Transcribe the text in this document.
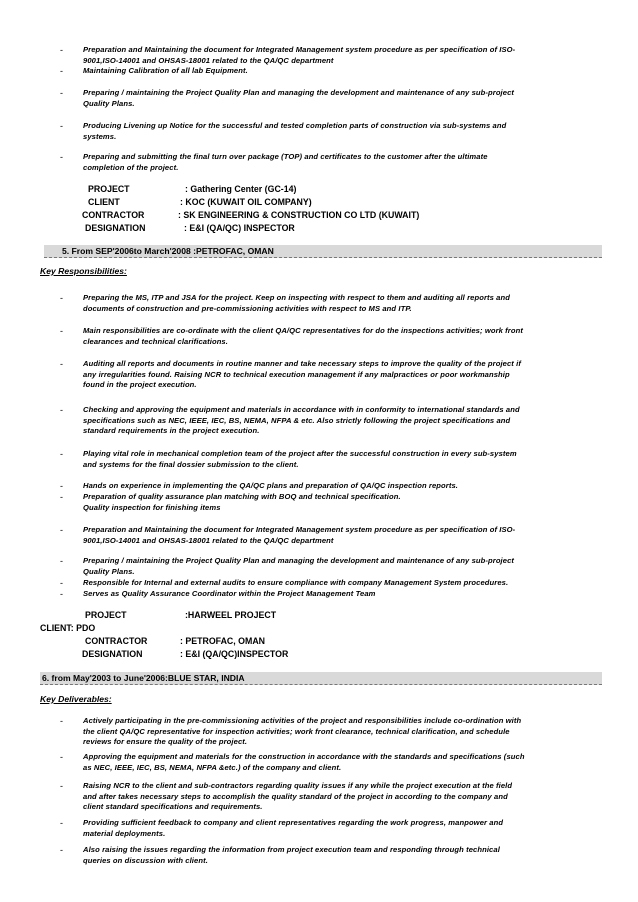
-	Preparation and Maintaining the document for Integrated Management system procedure as per specification of ISO-
9001,ISO-14001 and OHSAS-18001 related to the QA/QC department
-	Maintaining Calibration of all lab Equipment.
-	Preparing / maintaining the Project Quality Plan and managing the development and maintenance of any sub-project
Quality Plans.
-	Producing Livening up Notice for the successful and tested completion parts of construction via sub-systems and
systems.
-	Preparing and submitting the final turn over package (TOP) and certificates to the customer after the ultimate
completion of the project.
PROJECT	: Gathering Center (GC-14)
CLIENT	: KOC (KUWAIT OIL COMPANY)
CONTRACTOR	: SK ENGINEERING & CONSTRUCTION CO LTD (KUWAIT)
DESIGNATION	: E&I (QA/QC) INSPECTOR
5. From SEP'2006to March'2008 :PETROFAC, OMAN
Key Responsibilities:
-	Preparing the MS, ITP and JSA for the project. Keep on inspecting with respect to them and auditing all reports and
documents of construction and pre-commissioning activities with respect to MS and ITP.
-	Main responsibilities are co-ordinate with the client QA/QC representatives for do the inspections activities; work front
clearances and technical clarifications.
-	Auditing all reports and documents in routine manner and take necessary steps to improve the quality of the project if
any irregularities found. Raising NCR to technical execution management if any malpractices or poor workmanship
found in the project execution.
-	Checking and approving the equipment and materials in accordance with in conformity to international standards and
specifications such as NEC, IEEE, IEC, BS, NEMA, NFPA & etc. Also strictly following the project specifications and
standard requirements in the project execution.
-	Playing vital role in mechanical completion team of the project after the successful construction in every sub-system
and systems for the final dossier submission to the client.
-	Hands on experience in implementing the QA/QC plans and preparation of QA/QC inspection reports.
-	Preparation of quality assurance plan matching with BOQ and technical specification.
Quality inspection for finishing items
-	Preparation and Maintaining the document for Integrated Management system procedure as per specification of ISO-
9001,ISO-14001 and OHSAS-18001 related to the QA/QC department
-	Preparing / maintaining the Project Quality Plan and managing the development and maintenance of any sub-project
Quality Plans.
-	Responsible for Internal and external audits to ensure compliance with company Management System procedures.
-	Serves as Quality Assurance Coordinator within the Project Management Team
PROJECT	:HARWEEL PROJECT
CLIENT: PDO
CONTRACTOR	: PETROFAC, OMAN
DESIGNATION	: E&I (QA/QC)INSPECTOR
6. from May'2003 to June'2006:BLUE STAR, INDIA
Key Deliverables:
-	Actively participating in the pre-commissioning activities of the project and responsibilities include co-ordination with
the client QA/QC representative for inspection activities; work front clearance, technical clarification, and schedule
reviews for ensure the quality of the project.
-	Approving the equipment and materials for the construction in accordance with the standards and specifications (such
as NEC, IEEE, IEC, BS, NEMA, NFPA &etc.) of the company and client.
-	Raising NCR to the client and sub-contractors regarding quality issues if any while the project execution at the field
and after takes necessary steps to accomplish the quality standard of the project in according to the company and
client standard specifications and requirements.
-	Providing sufficient feedback to company and client representatives regarding the work progress, manpower and
material deployments.
-	Also raising the issues regarding the information from project execution team and responding through technical
queries on discussion with client.
